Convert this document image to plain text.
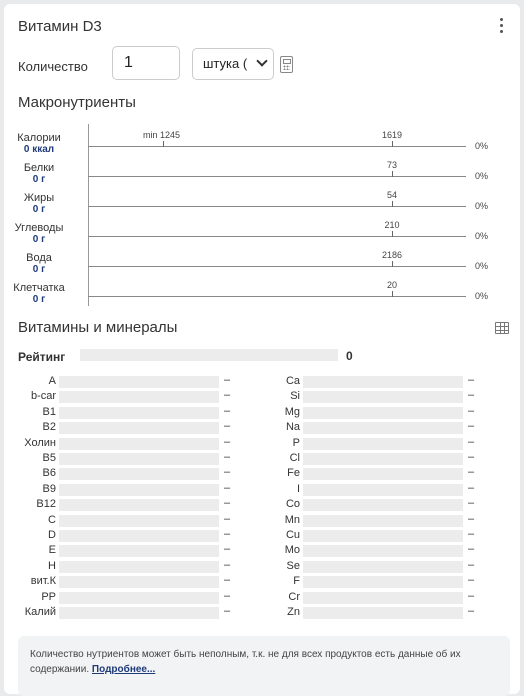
Витамин D3
Количество	1	штука (
Макронутриенты
Калории
0 ккал
min 1245	1619
0%
Белки
0 г
73
0%
Жиры
0 г
54
0%
Углеводы
0 г
210
0%
Вода
0 г
2186
0%
Клетчатка
0 г
20
0%
Витамины и минералы
Рейтинг	0
A	–
b-car	–
B1	–
B2	–
Холин	–
B5	–
B6	–
B9	–
B12	–
C	–
D	–
E	–
H	–
вит.К	–
PP	–
Калий	–
Ca	–
Si	–
Mg	–
Na	–
P	–
Cl	–
Fe	–
I	–
Co	–
Mn	–
Cu	–
Mo	–
Se	–
F	–
Cr	–
Zn	–
Количество нутриентов может быть неполным, т.к. не для всех продуктов есть данные об их содержании. Подробнее...
